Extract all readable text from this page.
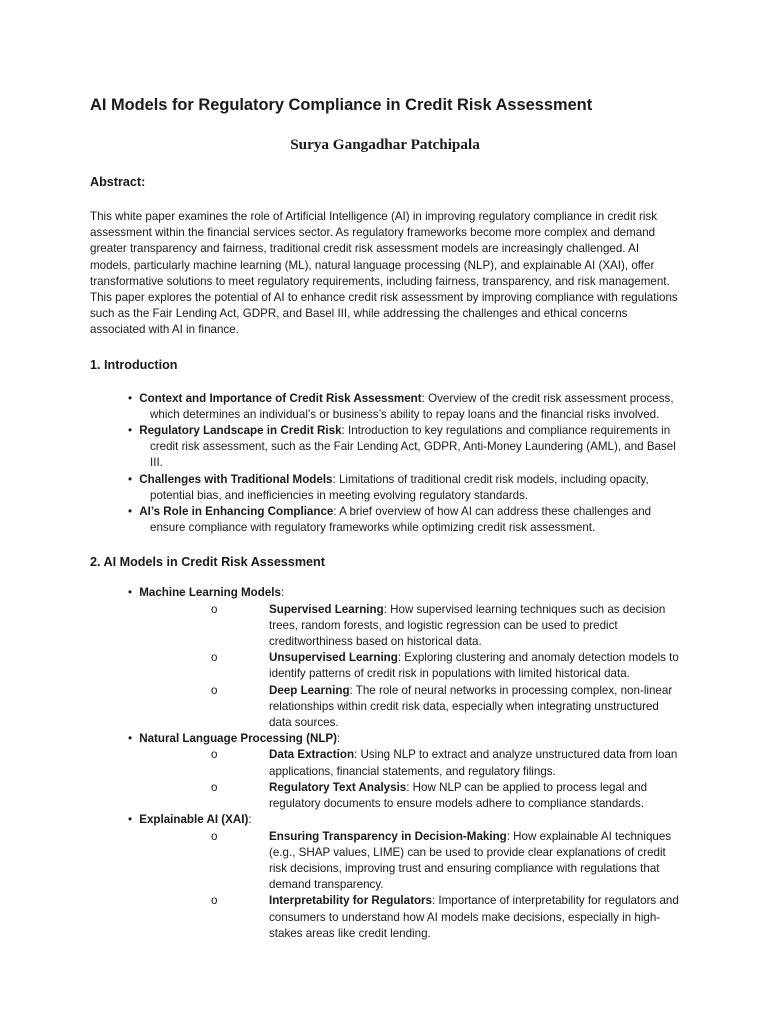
AI Models for Regulatory Compliance in Credit Risk Assessment
Surya Gangadhar Patchipala
Abstract:

This white paper examines the role of Artificial Intelligence (AI) in improving regulatory compliance in credit risk assessment within the financial services sector. As regulatory frameworks become more complex and demand greater transparency and fairness, traditional credit risk assessment models are increasingly challenged. AI models, particularly machine learning (ML), natural language processing (NLP), and explainable AI (XAI), offer transformative solutions to meet regulatory requirements, including fairness, transparency, and risk management. This paper explores the potential of AI to enhance credit risk assessment by improving compliance with regulations such as the Fair Lending Act, GDPR, and Basel III, while addressing the challenges and ethical concerns associated with AI in finance.

1. Introduction
• Context and Importance of Credit Risk Assessment: Overview of the credit risk assessment process, which determines an individual’s or business’s ability to repay loans and the financial risks involved.
• Regulatory Landscape in Credit Risk: Introduction to key regulations and compliance requirements in credit risk assessment, such as the Fair Lending Act, GDPR, Anti-Money Laundering (AML), and Basel III.
• Challenges with Traditional Models: Limitations of traditional credit risk models, including opacity, potential bias, and inefficiencies in meeting evolving regulatory standards.
• AI’s Role in Enhancing Compliance: A brief overview of how AI can address these challenges and ensure compliance with regulatory frameworks while optimizing credit risk assessment.
2. AI Models in Credit Risk Assessment
• Machine Learning Models:
o	Supervised Learning: How supervised learning techniques such as decision trees, random forests, and logistic regression can be used to predict creditworthiness based on historical data.
o	Unsupervised Learning: Exploring clustering and anomaly detection models to identify patterns of credit risk in populations with limited historical data.
o	Deep Learning: The role of neural networks in processing complex, non-linear relationships within credit risk data, especially when integrating unstructured data sources.
• Natural Language Processing (NLP):
o	Data Extraction: Using NLP to extract and analyze unstructured data from loan applications, financial statements, and regulatory filings.
o	Regulatory Text Analysis: How NLP can be applied to process legal and regulatory documents to ensure models adhere to compliance standards.
• Explainable AI (XAI):
o	Ensuring Transparency in Decision-Making: How explainable AI techniques (e.g., SHAP values, LIME) can be used to provide clear explanations of credit risk decisions, improving trust and ensuring compliance with regulations that demand transparency.
o	Interpretability for Regulators: Importance of interpretability for regulators and consumers to understand how AI models make decisions, especially in high-stakes areas like credit lending.
